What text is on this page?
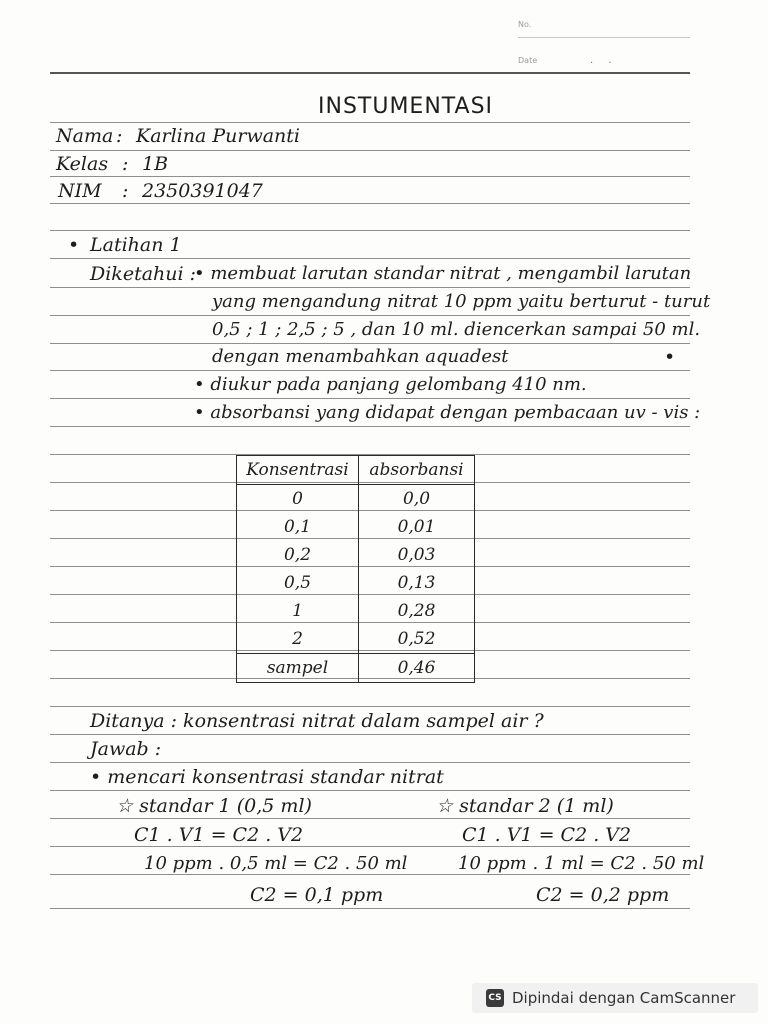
No.
Date	. .
INSTUMENTASI
Nama : Karlina Purwanti
Kelas : 1B
NIM : 2350391047
• Latihan 1
Diketahui :
• membuat larutan standar nitrat , mengambil larutan
yang mengandung nitrat 10 ppm yaitu berturut - turut
0,5 ; 1 ; 2,5 ; 5 , dan 10 ml. diencerkan sampai 50 ml.
dengan menambahkan aquadest	•
• diukur pada panjang gelombang 410 nm.
• absorbansi yang didapat dengan pembacaan uv - vis :
Konsentrasi	absorbansi
0	0,0
0,1	0,01
0,2	0,03
0,5	0,13
1	0,28
2	0,52
sampel	0,46
Ditanya : konsentrasi nitrat dalam sampel air ?
Jawab :
• mencari konsentrasi standar nitrat
☆ standar 1 (0,5 ml)
C1 . V1 = C2 . V2
10 ppm . 0,5 ml = C2 . 50 ml
C2 = 0,1 ppm
☆ standar 2 (1 ml)
C1 . V1 = C2 . V2
10 ppm . 1 ml = C2 . 50 ml
C2 = 0,2 ppm
CS Dipindai dengan CamScanner
